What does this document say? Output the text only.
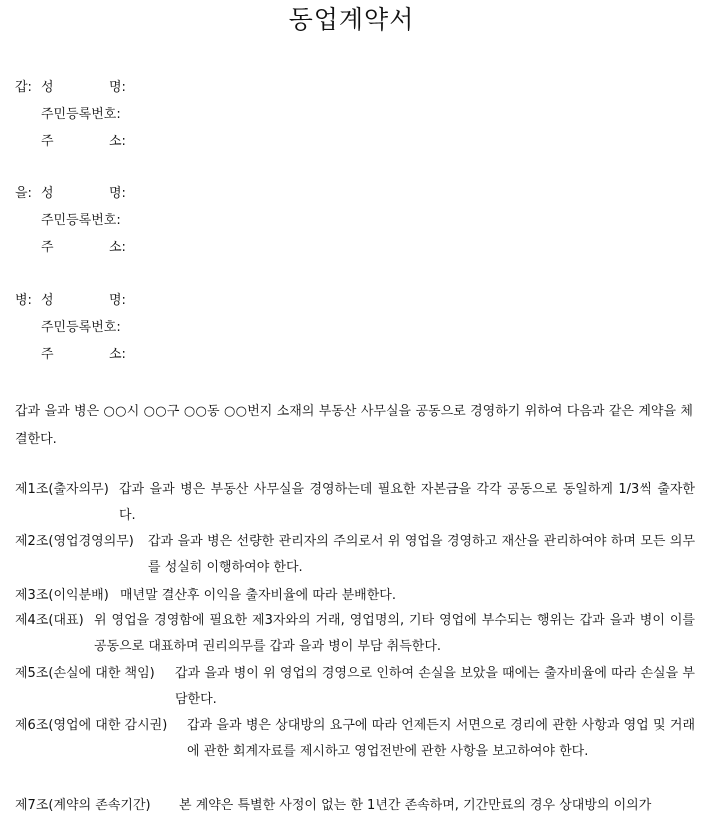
동업계약서
갑: 성	명:
주민등록번호:
주	소:
을: 성	명:
주민등록번호:
주	소:
병: 성	명:
주민등록번호:
주	소:
갑과 을과 병은 ○○시 ○○구 ○○동 ○○번지 소재의 부동산 사무실을 공동으로 경영하기 위하여 다음과 같은 계약을 체결한다.
제1조(출자의무) 갑과 을과 병은 부동산 사무실을 경영하는데 필요한 자본금을 각각 공동으로 동일하게 1/3씩 출자한다.
제2조(영업경영의무) 갑과 을과 병은 선량한 관리자의 주의로서 위 영업을 경영하고 재산을 관리하여야 하며 모든 의무를 성실히 이행하여야 한다.
제3조(이익분배) 매년말 결산후 이익을 출자비율에 따라 분배한다.
제4조(대표) 위 영업을 경영함에 필요한 제3자와의 거래, 영업명의, 기타 영업에 부수되는 행위는 갑과 을과 병이 이를 공동으로 대표하며 권리의무를 갑과 을과 병이 부담 취득한다.
제5조(손실에 대한 책임) 갑과 을과 병이 위 영업의 경영으로 인하여 손실을 보았을 때에는 출자비율에 따라 손실을 부담한다.
제6조(영업에 대한 감시권) 갑과 을과 병은 상대방의 요구에 따라 언제든지 서면으로 경리에 관한 사항과 영업 및 거래에 관한 회계자료를 제시하고 영업전반에 관한 사항을 보고하여야 한다.
제7조(계약의 존속기간) 본 계약은 특별한 사정이 없는 한 1년간 존속하며, 기간만료의 경우 상대방의 이의가
